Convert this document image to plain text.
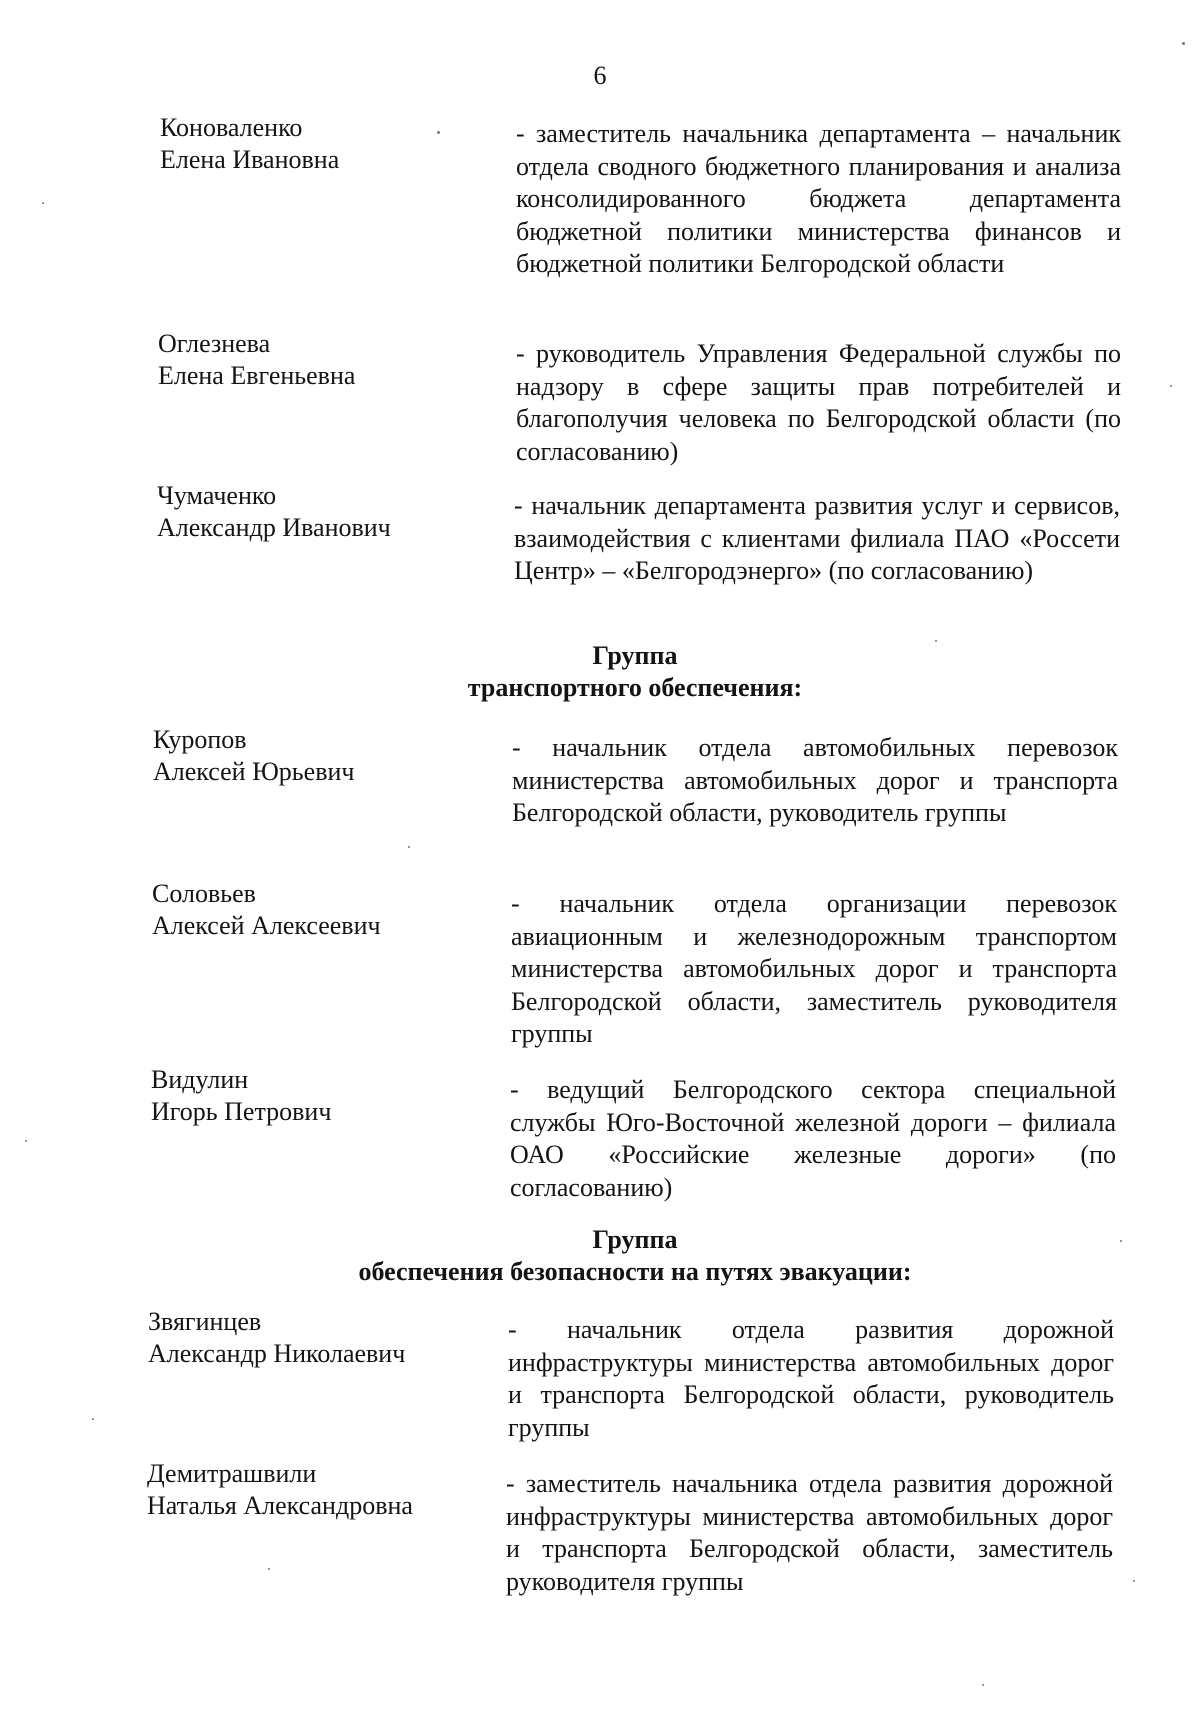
6
Коноваленко
Елена Ивановна
- заместитель начальника департамента – начальник отдела сводного бюджетного планирования и анализа консолидированного бюджета департамента бюджетной политики министерства финансов и бюджетной политики Белгородской области
Оглезнева
Елена Евгеньевна
- руководитель Управления Федеральной службы по надзору в сфере защиты прав потребителей и благополучия человека по Белгородской области (по согласованию)
Чумаченко
Александр Иванович
- начальник департамента развития услуг и сервисов, взаимодействия с клиентами филиала ПАО «Россети Центр» – «Белгородэнерго» (по согласованию)
Группа
транспортного обеспечения:
Куропов
Алексей Юрьевич
- начальник отдела автомобильных перевозок министерства автомобильных дорог и транспорта Белгородской области, руководитель группы
Соловьев
Алексей Алексеевич
- начальник отдела организации перевозок авиационным и железнодорожным транспортом министерства автомобильных дорог и транспорта Белгородской области, заместитель руководителя группы
Видулин
Игорь Петрович
- ведущий Белгородского сектора специальной службы Юго-Восточной железной дороги – филиала ОАО «Российские железные дороги» (по согласованию)
Группа
обеспечения безопасности на путях эвакуации:
Звягинцев
Александр Николаевич
- начальник отдела развития дорожной инфраструктуры министерства автомобильных дорог и транспорта Белгородской области, руководитель группы
Демитрашвили
Наталья Александровна
- заместитель начальника отдела развития дорожной инфраструктуры министерства автомобильных дорог и транспорта Белгородской области, заместитель руководителя группы
